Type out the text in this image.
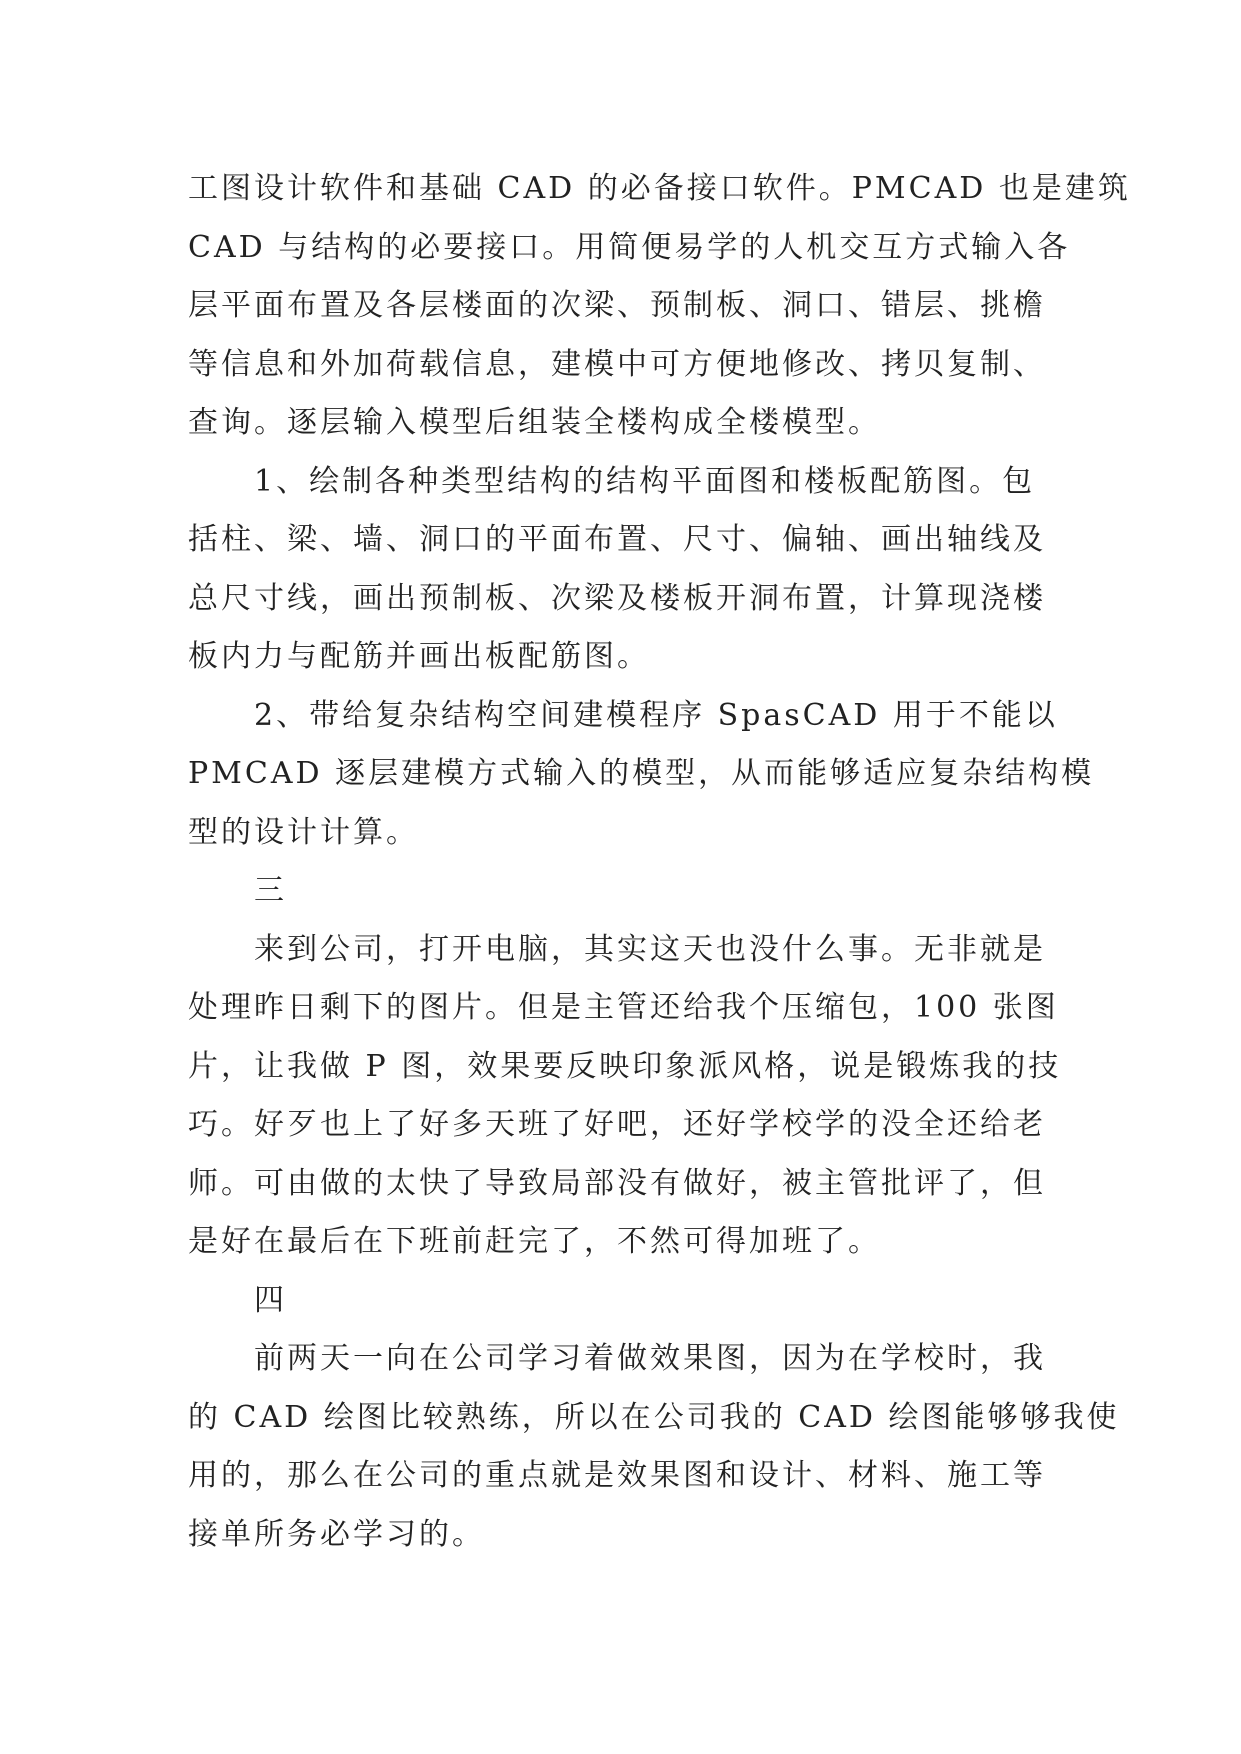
工图设计软件和基础 CAD 的必备接口软件。PMCAD 也是建筑
CAD 与结构的必要接口。用简便易学的人机交互方式输入各
层平面布置及各层楼面的次梁、预制板、洞口、错层、挑檐
等信息和外加荷载信息，建模中可方便地修改、拷贝复制、
查询。逐层输入模型后组装全楼构成全楼模型。
1、绘制各种类型结构的结构平面图和楼板配筋图。包
括柱、梁、墙、洞口的平面布置、尺寸、偏轴、画出轴线及
总尺寸线，画出预制板、次梁及楼板开洞布置，计算现浇楼
板内力与配筋并画出板配筋图。
2、带给复杂结构空间建模程序 SpasCAD 用于不能以
PMCAD 逐层建模方式输入的模型，从而能够适应复杂结构模
型的设计计算。
三
来到公司，打开电脑，其实这天也没什么事。无非就是
处理昨日剩下的图片。但是主管还给我个压缩包，100 张图
片，让我做 P 图，效果要反映印象派风格，说是锻炼我的技
巧。好歹也上了好多天班了好吧，还好学校学的没全还给老
师。可由做的太快了导致局部没有做好，被主管批评了，但
是好在最后在下班前赶完了，不然可得加班了。
四
前两天一向在公司学习着做效果图，因为在学校时，我
的 CAD 绘图比较熟练，所以在公司我的 CAD 绘图能够够我使
用的，那么在公司的重点就是效果图和设计、材料、施工等
接单所务必学习的。
